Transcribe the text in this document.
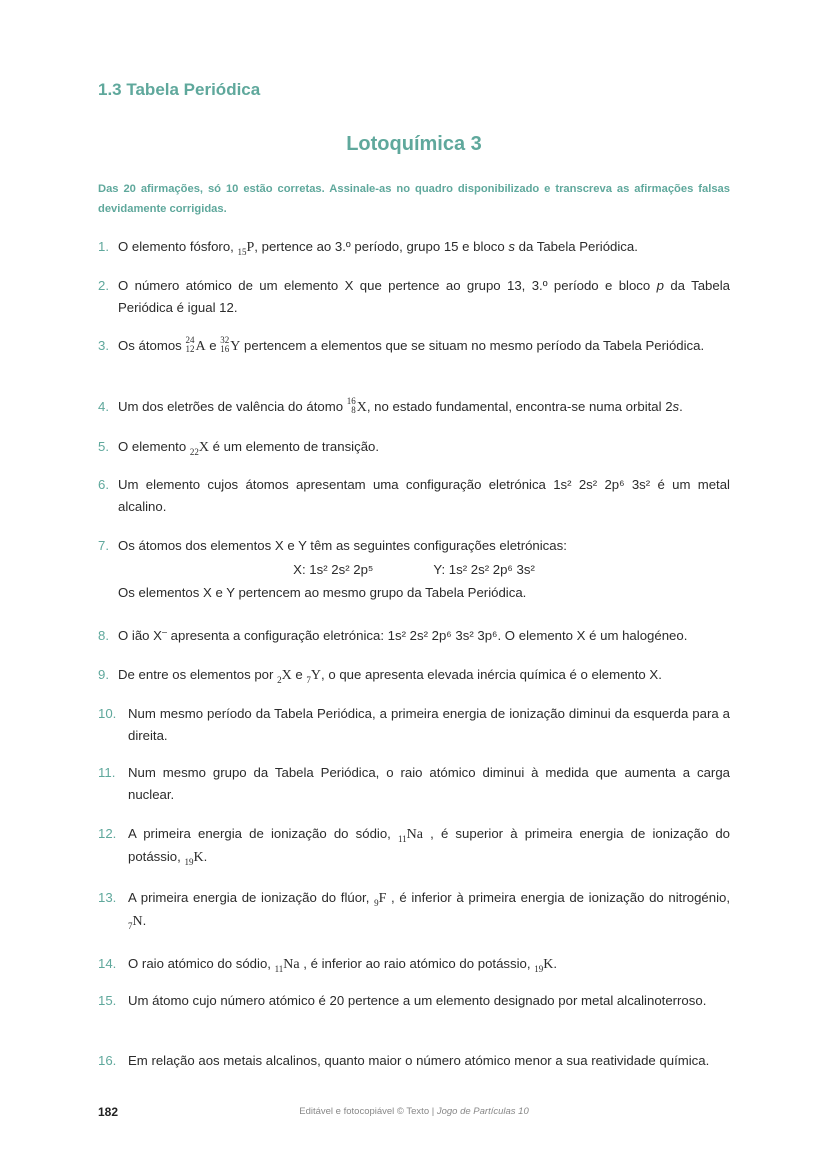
1.3 Tabela Periódica
Lotoquímica 3
Das 20 afirmações, só 10 estão corretas. Assinale-as no quadro disponibilizado e transcreva as afirmações falsas devidamente corrigidas.
1. O elemento fósforo, $_{15}$P, pertence ao 3.º período, grupo 15 e bloco s da Tabela Periódica.
2. O número atómico de um elemento X que pertence ao grupo 13, 3.º período e bloco p da Tabela Periódica é igual 12.
3. Os átomos 24
12 A e 32
16 Y pertencem a elementos que se situam no mesmo período da Tabela Periódica.
4. Um dos eletrões de valência do átomo 16
8 X, no estado fundamental, encontra-se numa orbital 2s.
5. O elemento $_{22}$X é um elemento de transição.
6. Um elemento cujos átomos apresentam uma configuração eletrónica 1s² 2s² 2p⁶ 3s² é um metal alcalino.
7. Os átomos dos elementos X e Y têm as seguintes configurações eletrónicas:
X: 1s² 2s² 2p⁵	Y: 1s² 2s² 2p⁶ 3s²
Os elementos X e Y pertencem ao mesmo grupo da Tabela Periódica.
8. O ião X– apresenta a configuração eletrónica: 1s² 2s² 2p⁶ 3s² 3p⁶. O elemento X é um halogéneo.
9. De entre os elementos por $_2$X e $_7$Y, o que apresenta elevada inércia química é o elemento X.
10. Num mesmo período da Tabela Periódica, a primeira energia de ionização diminui da esquerda para a direita.
11. Num mesmo grupo da Tabela Periódica, o raio atómico diminui à medida que aumenta a carga nuclear.
12. A primeira energia de ionização do sódio, $_{11}$Na , é superior à primeira energia de ionização do potássio, $_{19}$K.
13. A primeira energia de ionização do flúor, $_9$F , é inferior à primeira energia de ionização do nitrogénio, $_7$N.
14. O raio atómico do sódio, $_{11}$Na , é inferior ao raio atómico do potássio, $_{19}$K.
15. Um átomo cujo número atómico é 20 pertence a um elemento designado por metal alcalinoterroso.
16. Em relação aos metais alcalinos, quanto maior o número atómico menor a sua reatividade química.
182	Editável e fotocopiável © Texto | Jogo de Partículas 10
